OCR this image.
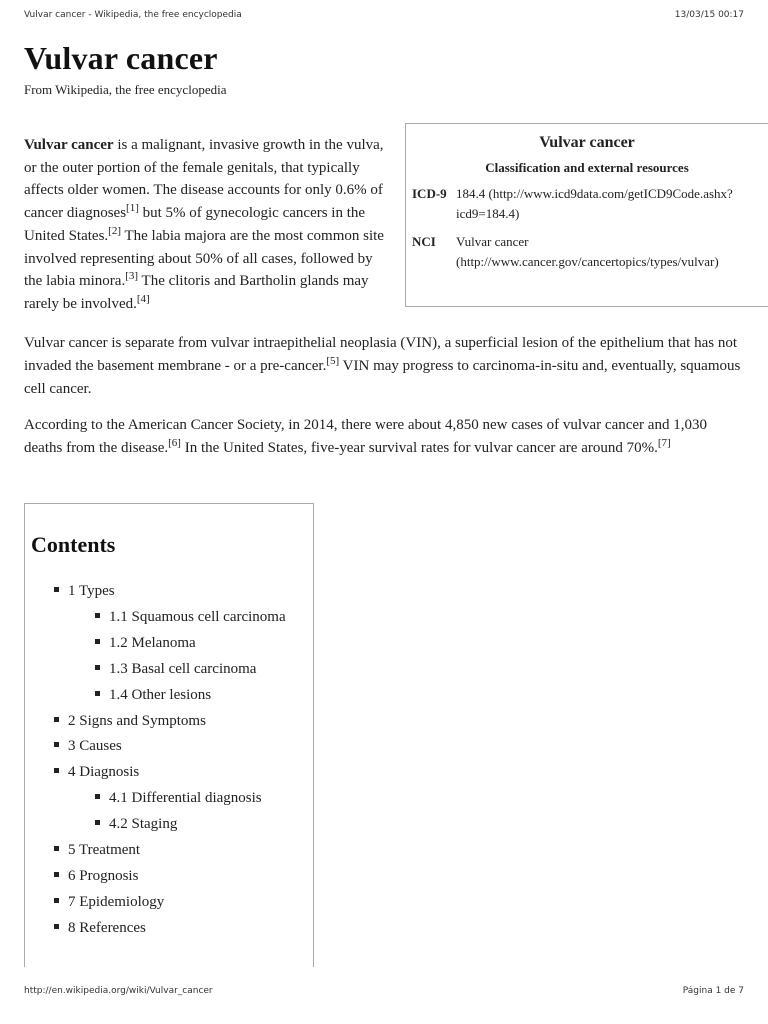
Vulvar cancer - Wikipedia, the free encyclopedia	13/03/15 00:17
Vulvar cancer
From Wikipedia, the free encyclopedia
Vulvar cancer
Classification and external resources
ICD-9 184.4 (http://www.icd9data.com/getICD9Code.ashx?icd9=184.4)
NCI	Vulvar cancer (http://www.cancer.gov/cancertopics/types/vulvar)

Vulvar cancer is a malignant, invasive growth in the vulva, or the outer portion of the female genitals, that typically affects older women. The disease accounts for only 0.6% of cancer diagnoses[1] but 5% of gynecologic cancers in the United States.[2] The labia majora are the most common site involved representing about 50% of all cases, followed by the labia minora.[3] The clitoris and Bartholin glands may rarely be involved.[4]

Vulvar cancer is separate from vulvar intraepithelial neoplasia (VIN), a superficial lesion of the epithelium that has not invaded the basement membrane - or a pre-cancer.[5] VIN may progress to carcinoma-in-situ and, eventually, squamous cell cancer.

According to the American Cancer Society, in 2014, there were about 4,850 new cases of vulvar cancer and 1,030 deaths from the disease.[6] In the United States, five-year survival rates for vulvar cancer are around 70%.[7]

Contents
1 Types
1.1 Squamous cell carcinoma
1.2 Melanoma
1.3 Basal cell carcinoma
1.4 Other lesions
2 Signs and Symptoms
3 Causes
4 Diagnosis
4.1 Differential diagnosis
4.2 Staging
5 Treatment
6 Prognosis
7 Epidemiology
8 References
http://en.wikipedia.org/wiki/Vulvar_cancer	Página 1 de 7
